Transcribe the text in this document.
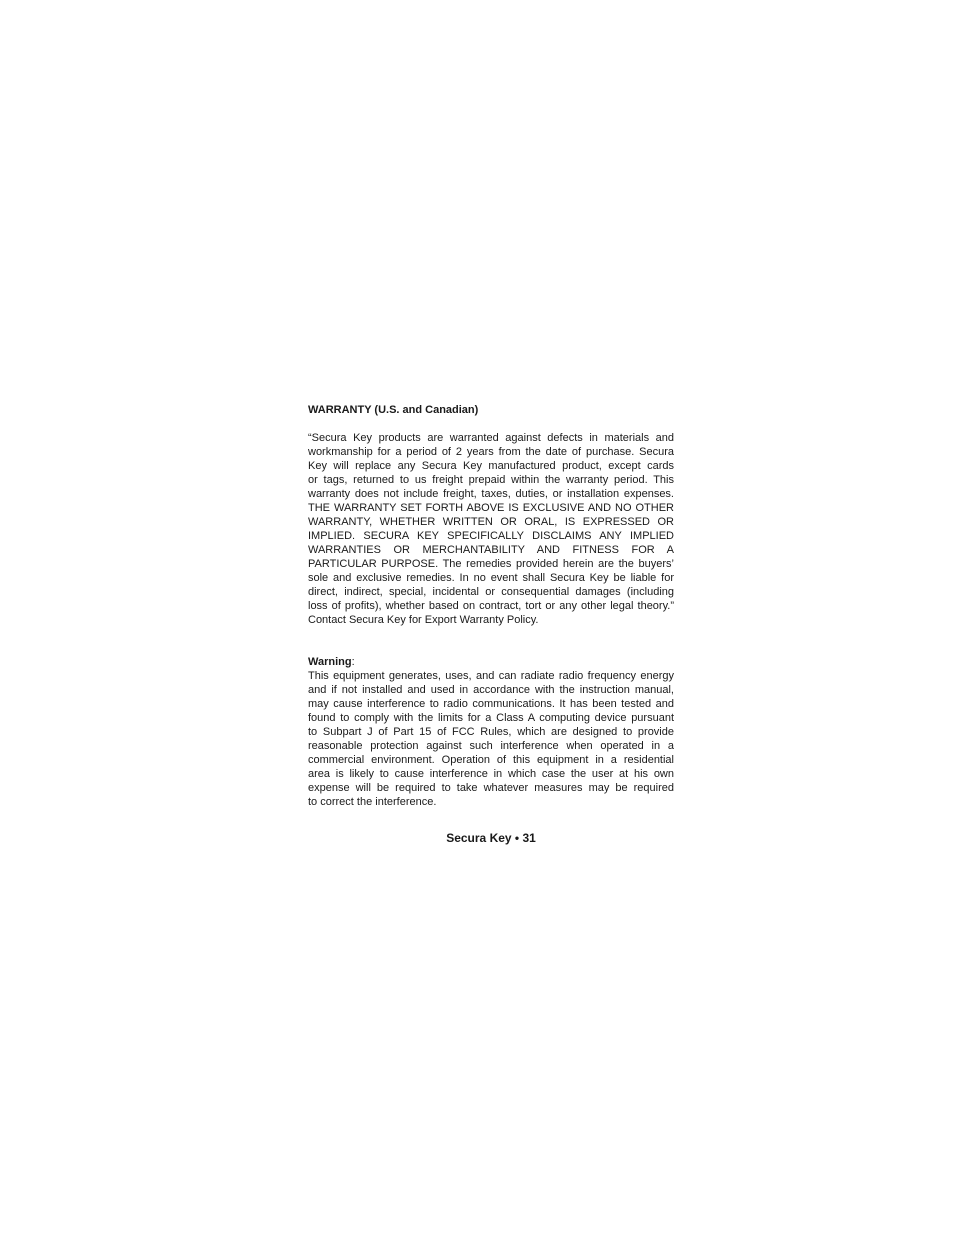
WARRANTY (U.S. and Canadian)
“Secura Key products are warranted against defects in materials and
workmanship for a period of 2 years from the date of purchase. Secura
Key will replace any Secura Key manufactured product, except cards
or tags, returned to us freight prepaid within the warranty period. This
warranty does not include freight, taxes, duties, or installation expenses.
THE WARRANTY SET FORTH ABOVE IS EXCLUSIVE AND NO OTHER
WARRANTY, WHETHER WRITTEN OR ORAL, IS EXPRESSED OR
IMPLIED. SECURA KEY SPECIFICALLY DISCLAIMS ANY IMPLIED
WARRANTIES OR MERCHANTABILITY AND FITNESS FOR A
PARTICULAR PURPOSE. The remedies provided herein are the buyers’
sole and exclusive remedies. In no event shall Secura Key be liable for
direct, indirect, special, incidental or consequential damages (including
loss of profits), whether based on contract, tort or any other legal theory.”
Contact Secura Key for Export Warranty Policy.
Warning:
This equipment generates, uses, and can radiate radio frequency energy
and if not installed and used in accordance with the instruction manual,
may cause interference to radio communications. It has been tested and
found to comply with the limits for a Class A computing device pursuant
to Subpart J of Part 15 of FCC Rules, which are designed to provide
reasonable protection against such interference when operated in a
commercial environment. Operation of this equipment in a residential
area is likely to cause interference in which case the user at his own
expense will be required to take whatever measures may be required
to correct the interference.
Secura Key • 31
